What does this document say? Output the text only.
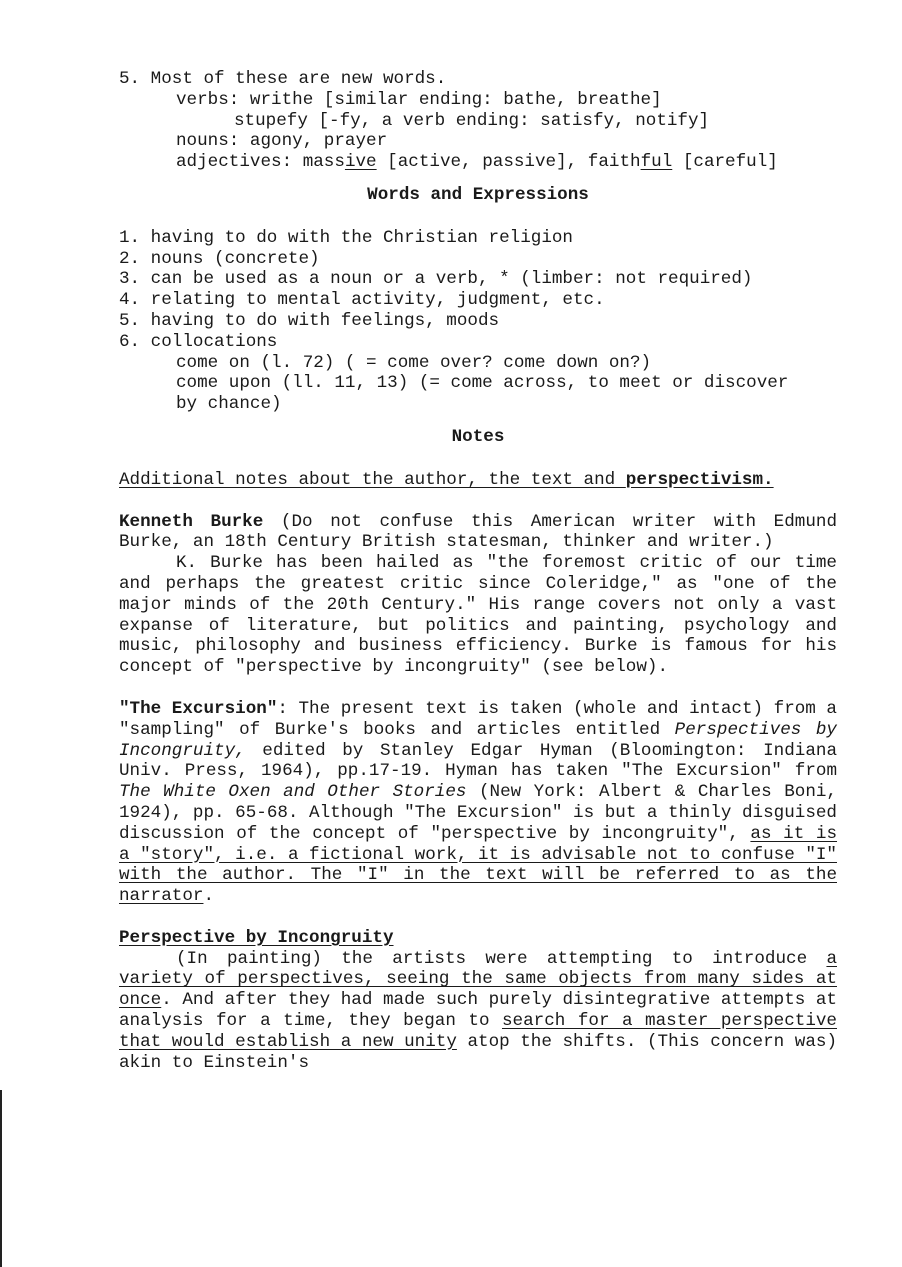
5. Most of these are new words.
verbs: writhe [similar ending: bathe, breathe]
stupefy [-fy, a verb ending: satisfy, notify]
nouns: agony, prayer
adjectives: massive [active, passive], faithful [careful]
Words and Expressions
1. having to do with the Christian religion
2. nouns (concrete)
3. can be used as a noun or a verb, * (limber: not required)
4. relating to mental activity, judgment, etc.
5. having to do with feelings, moods
6. collocations
come on (l. 72) ( = come over? come down on?)
come upon (ll. 11, 13) (= come across, to meet or discover
by chance)
Notes
Additional notes about the author, the text and perspectivism.

Kenneth Burke (Do not confuse this American writer with Edmund Burke, an 18th Century British statesman, thinker and writer.)

K. Burke has been hailed as "the foremost critic of our time and perhaps the greatest critic since Coleridge," as "one of the major minds of the 20th Century." His range covers not only a vast expanse of literature, but politics and painting, psychology and music, philosophy and business efficiency. Burke is famous for his concept of "perspective by incongruity" (see below).

"The Excursion": The present text is taken (whole and intact) from a "sampling" of Burke's books and articles entitled Perspectives by Incongruity, edited by Stanley Edgar Hyman (Bloomington: Indiana Univ. Press, 1964), pp.17-19. Hyman has taken "The Excursion" from The White Oxen and Other Stories (New York: Albert & Charles Boni, 1924), pp. 65-68. Although "The Excursion" is but a thinly disguised discussion of the concept of "perspective by incongruity", as it is a "story", i.e. a fictional work, it is advisable not to confuse "I" with the author. The "I" in the text will be referred to as the narrator.

Perspective by Incongruity

(In painting) the artists were attempting to introduce a variety of perspectives, seeing the same objects from many sides at once. And after they had made such purely disintegrative attempts at analysis for a time, they began to search for a master perspective that would establish a new unity atop the shifts. (This concern was) akin to Einstein's
